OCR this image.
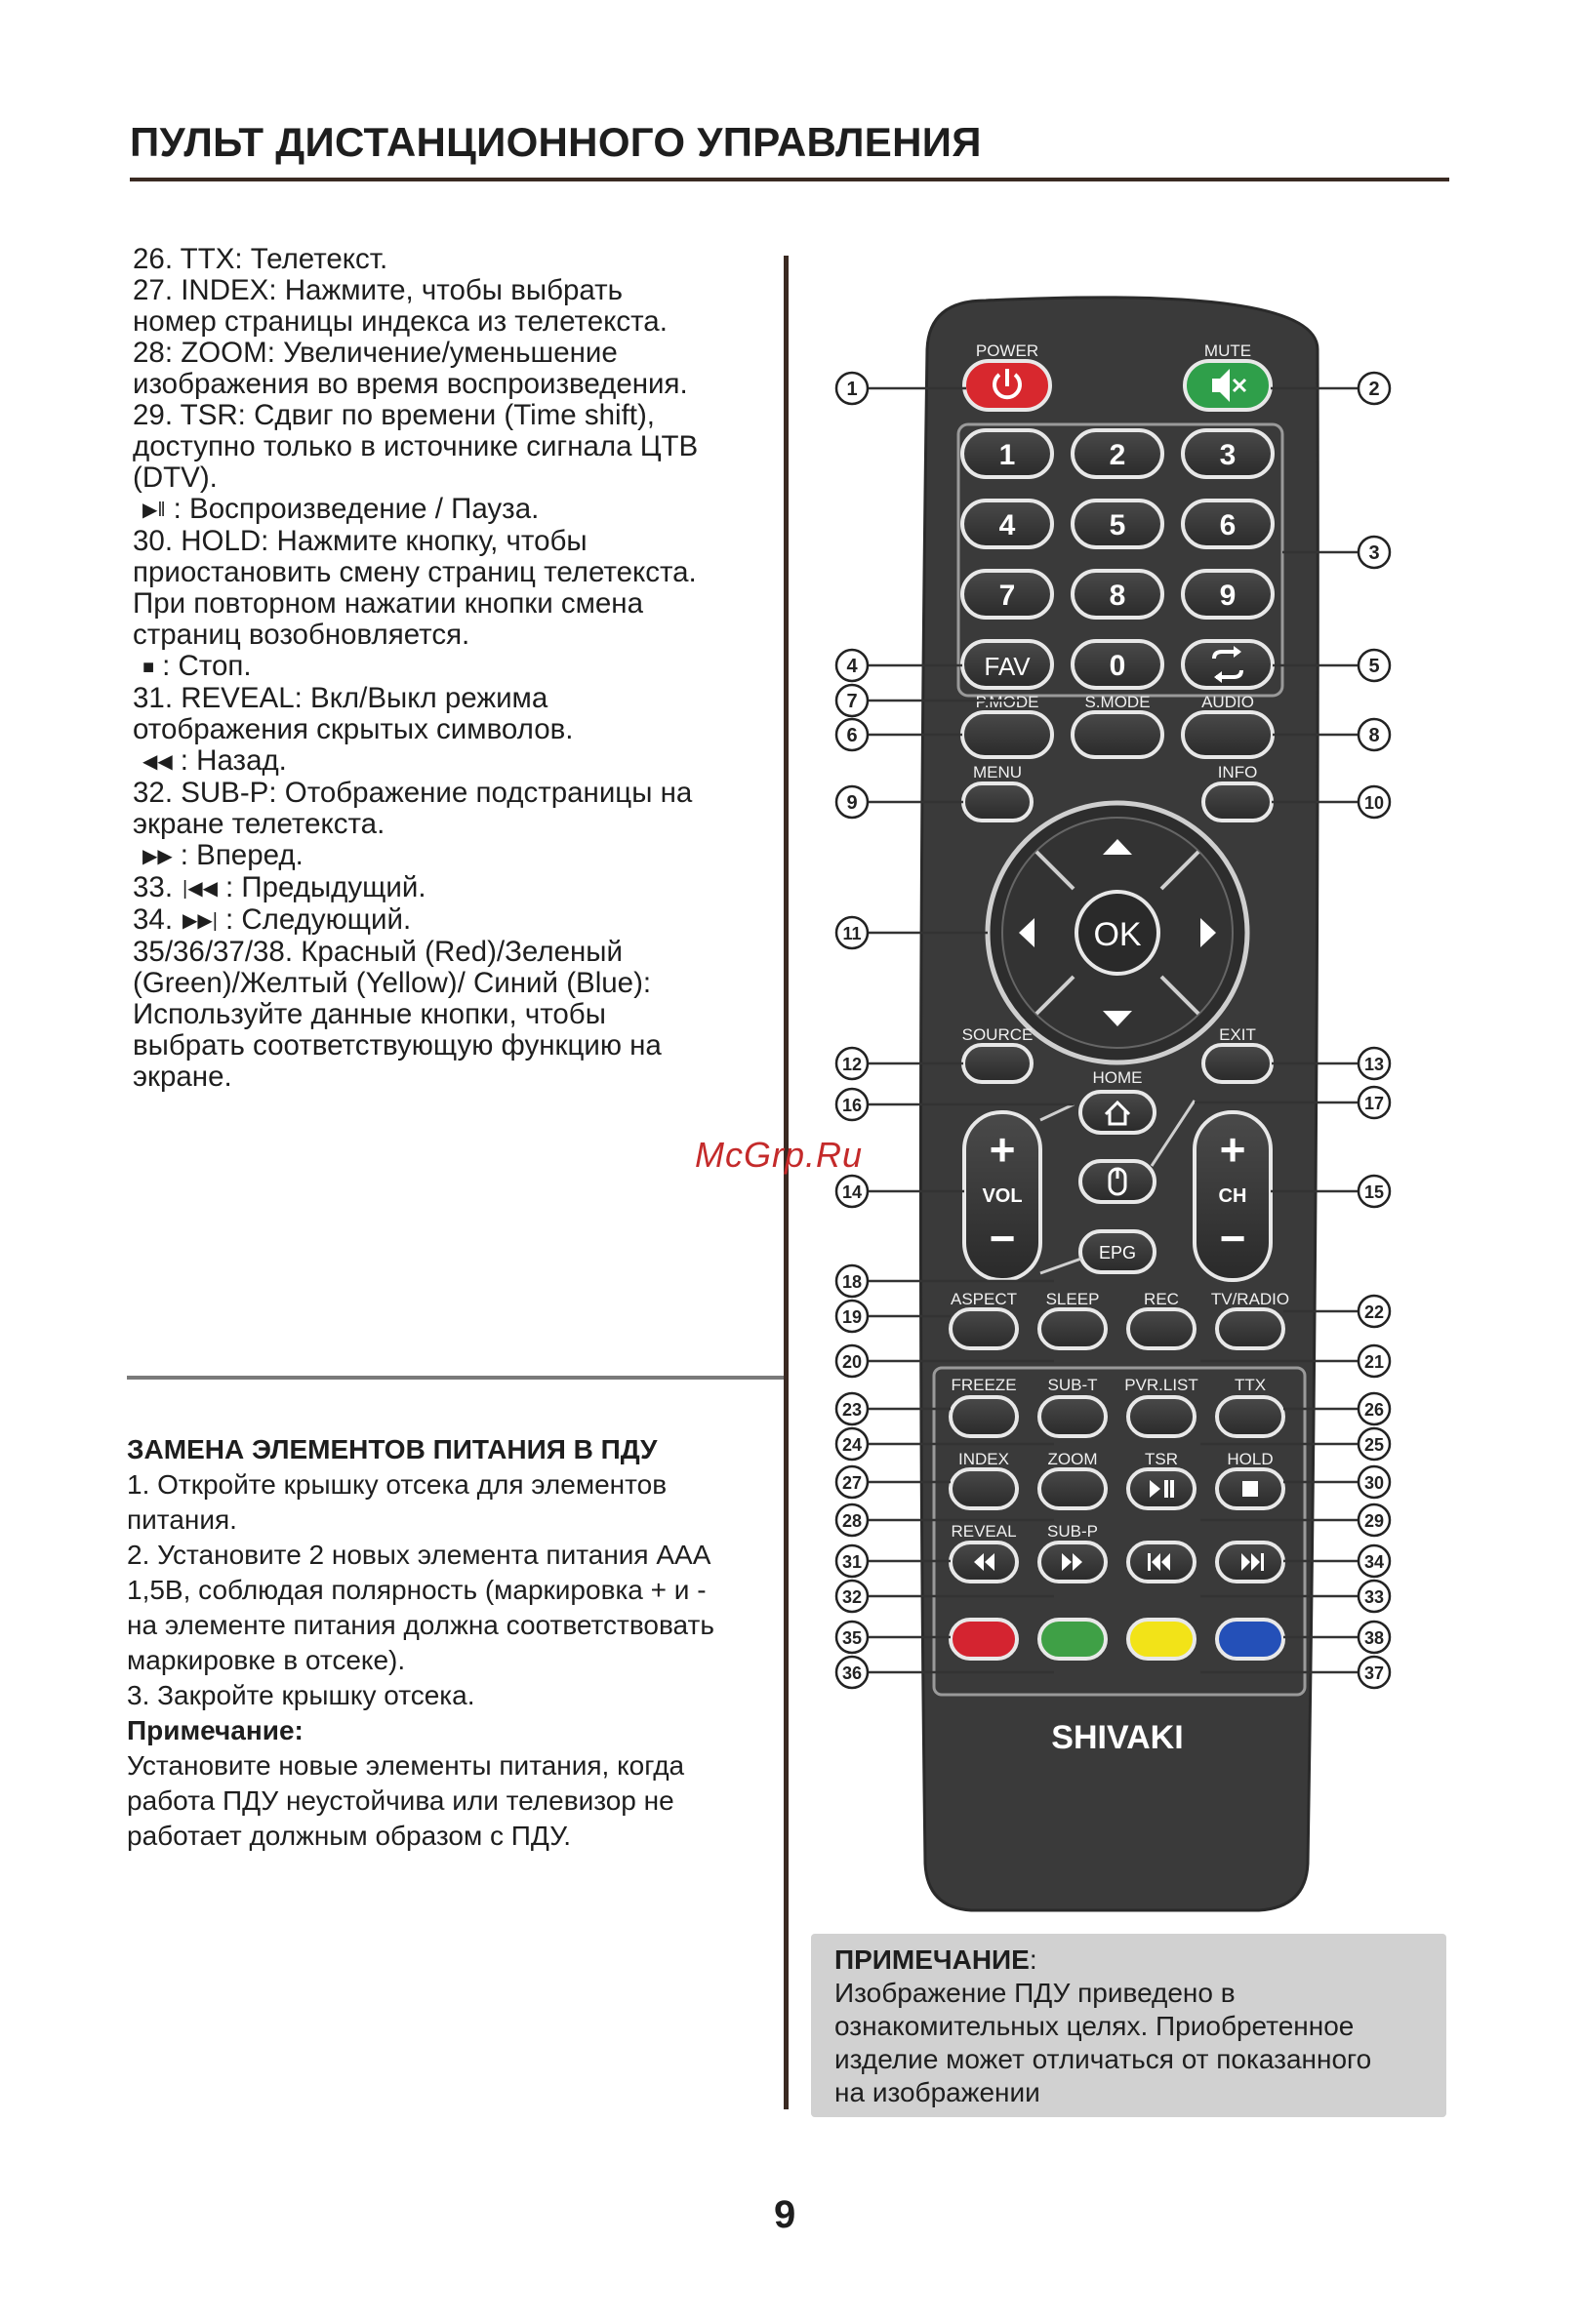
ПУЛЬТ ДИСТАНЦИОННОГО УПРАВЛЕНИЯ
26. TTX: Телетекст.
27. INDEX: Нажмите, чтобы выбрать
номер страницы индекса из телетекста.
28: ZOOM: Увеличение/уменьшение
изображения во время воспроизведения.
29. TSR: Сдвиг по времени (Time shift),
доступно только в источнике сигнала ЦТВ
(DTV).
▶‖ : Воспроизведение / Пауза.
30. HOLD: Нажмите кнопку, чтобы
приостановить смену страниц телетекста.
При повторном нажатии кнопки смена
страниц возобновляется.
■ : Стоп.
31. REVEAL: Вкл/Выкл режима
отображения скрытых символов.
◀◀ : Назад.
32. SUB-P: Отображение подстраницы на
экране телетекста.
▶▶ : Вперед.
33. |◀◀ : Предыдущий.
34. ▶▶| : Следующий.
35/36/37/38. Красный (Red)/Зеленый
(Green)/Желтый (Yellow)/ Синий (Blue):
Используйте данные кнопки, чтобы
выбрать соответствующую функцию на
экране.
ЗАМЕНА ЭЛЕМЕНТОВ ПИТАНИЯ В ПДУ
1. Откройте крышку отсека для элементов
питания.
2. Установите 2 новых элемента питания AAA
1,5В, соблюдая полярность (маркировка + и -
на элементе питания должна соответствовать
маркировке в отсеке).
3. Закройте крышку отсека.
Примечание:
Установите новые элементы питания, когда
работа ПДУ неустойчива или телевизор не
работает должным образом с ПДУ.
McGrp.Ru
ПРИМЕЧАНИЕ:
Изображение ПДУ приведено в
ознакомительных целях. Приобретенное
изделие может отличаться от показанного
на изображении
9
POWER	MUTE
1	2	3
4	5	6
7	8	9
0
FAV
P.MODE	S.MODE	AUDIO
MENU	INFO
OK
SOURCE	EXIT
HOME
+
VOL
−
+
CH
−
EPG
ASPECT SLEEP	REC TV/RADIO
FREEZE SUB-T PVR.LIST TTX
INDEX ZOOM	TSR	HOLD
REVEAL SUB-P
SHIVAKI
1	2
3
4	5
6
7
8
9	10
11
12	13
14	15
16	17
18
19
20	21
22
23
24	25
26
27
28	29
30
31
32	33
34
35
36	37
38
